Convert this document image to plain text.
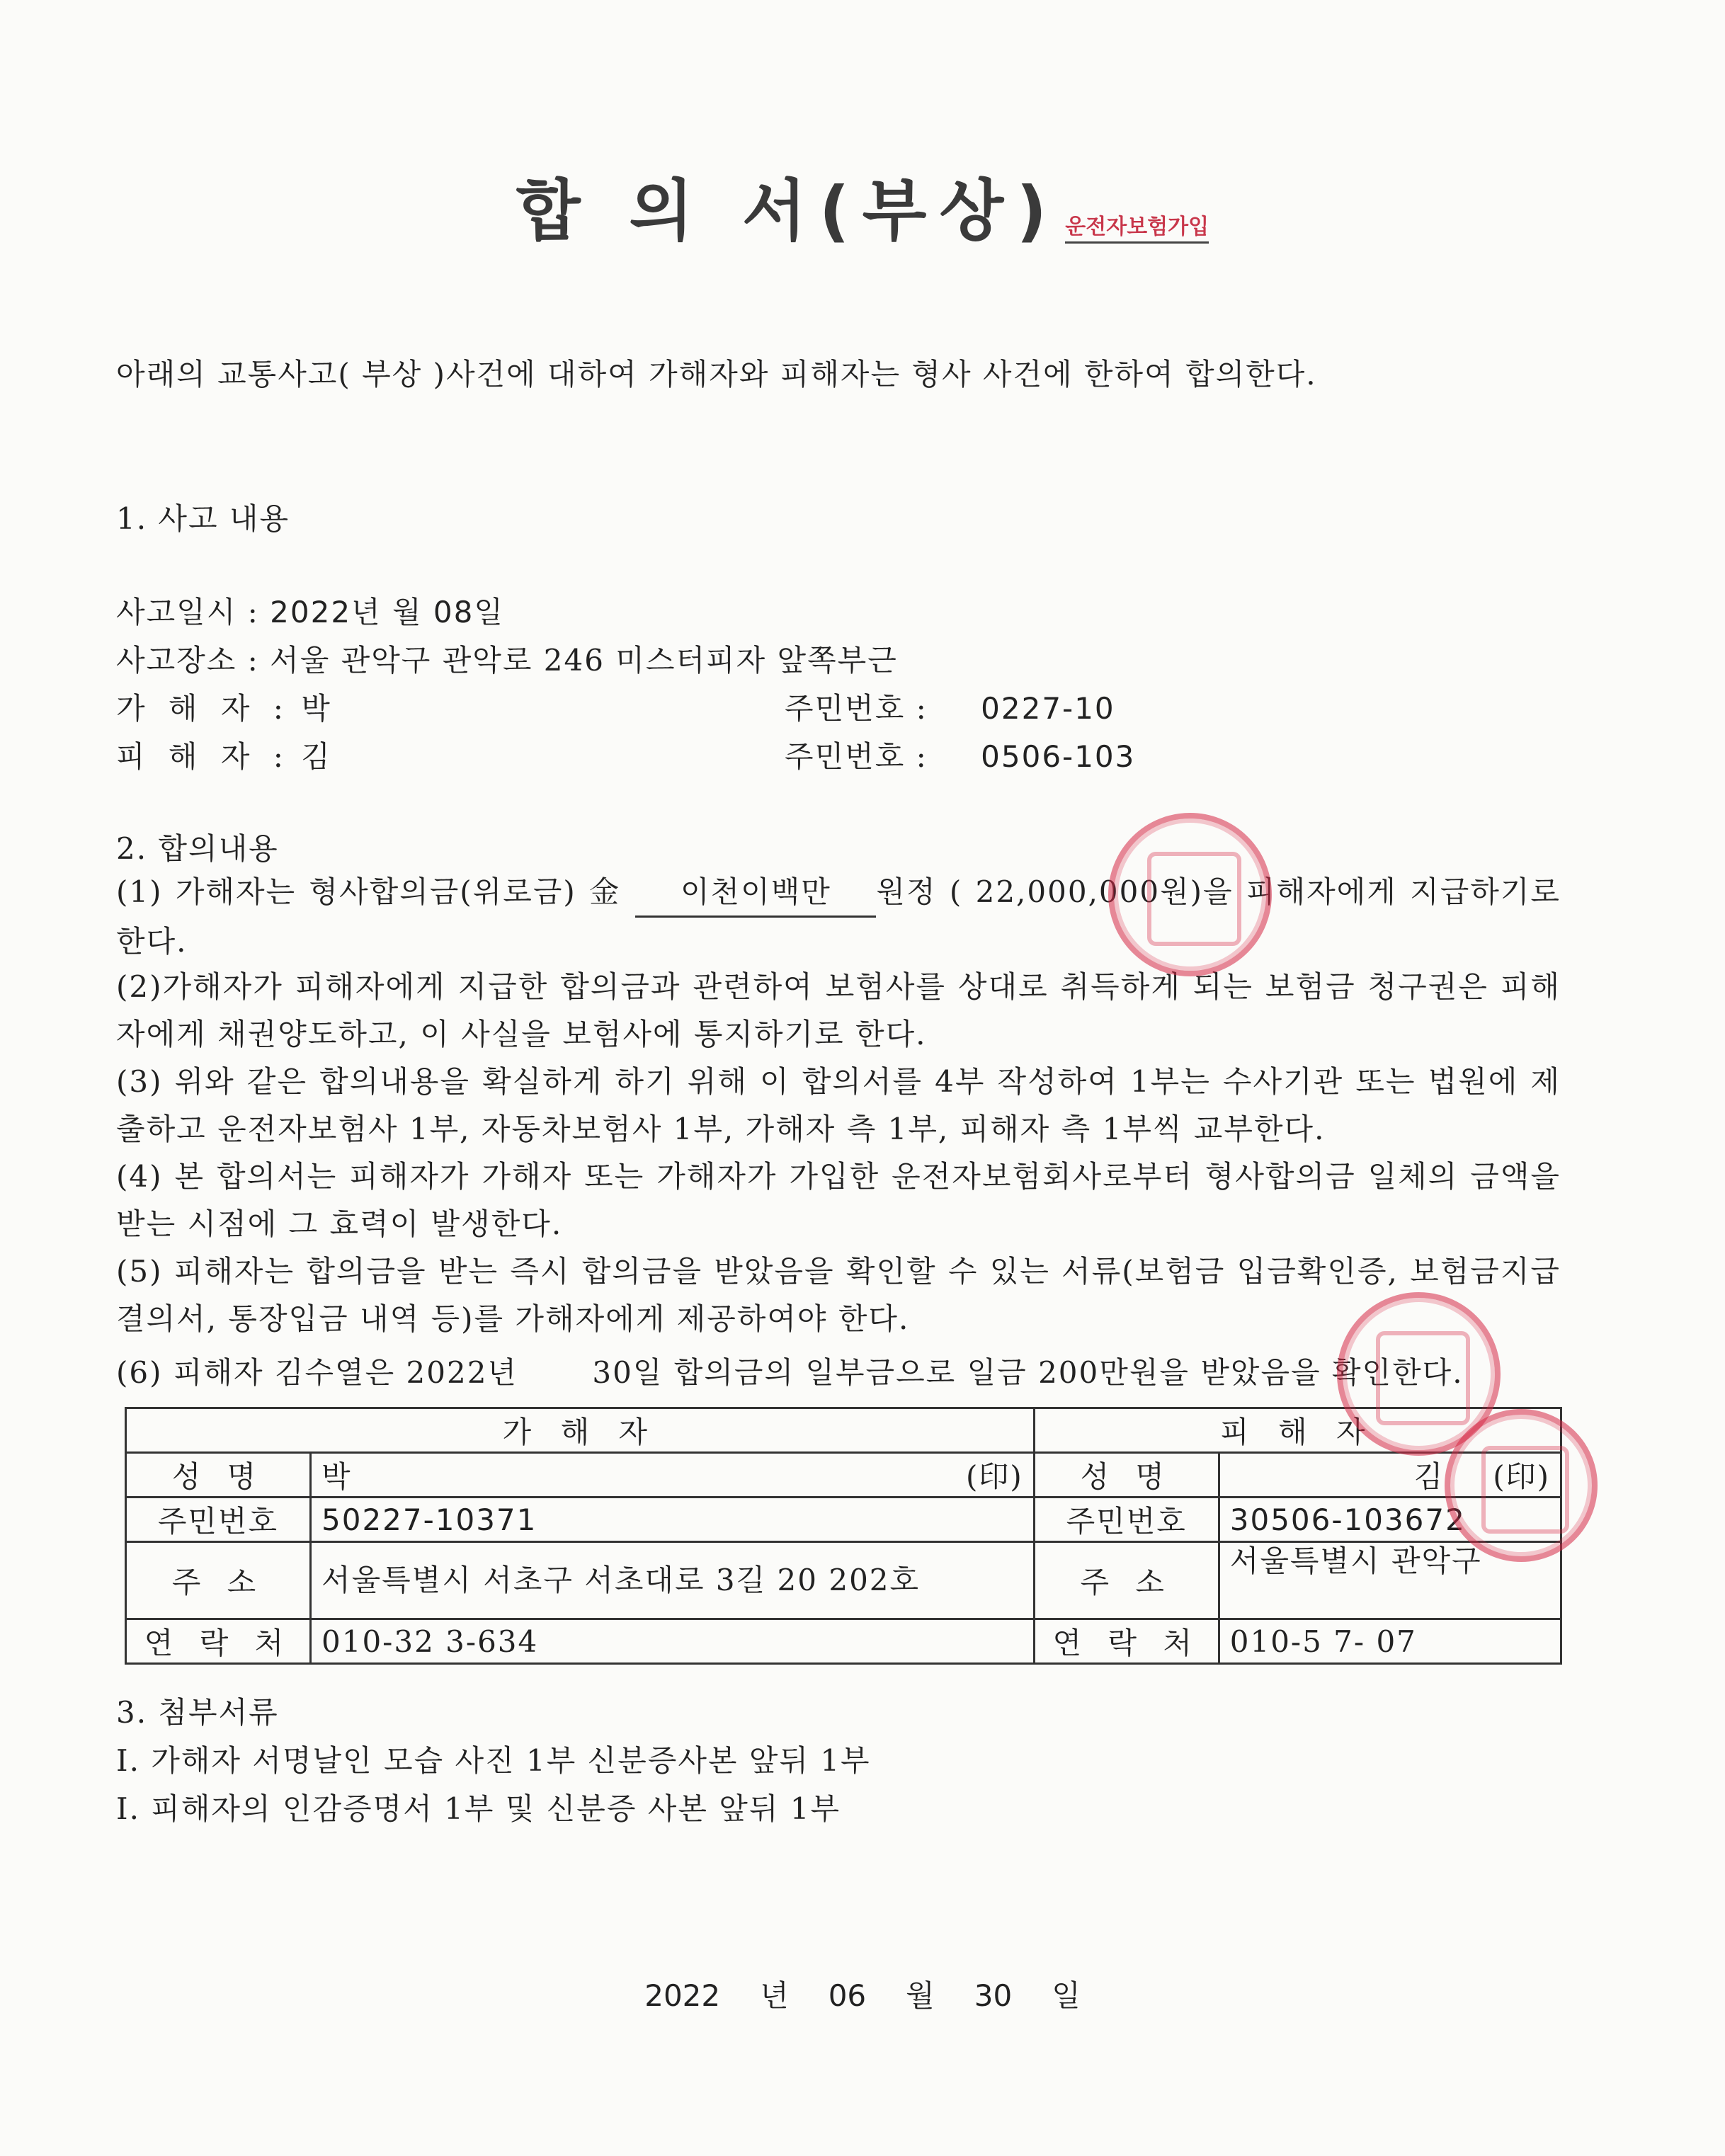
합 의 서(부상) 운전자보험가입
아래의 교통사고( 부상 )사건에 대하여 가해자와 피해자는 형사 사건에 한하여 합의한다.
1. 사고 내용
사고일시 : 2022년 월 08일
사고장소 : 서울 관악구 관악로 246 미스터피자 앞쪽부근
가 해 자 : 박	주민번호 : 0227-10
피 해 자 : 김	주민번호 : 0506-103
2. 합의내용
(1) 가해자는 형사합의금(위로금) 金 이천이백만 원정 ( 22,000,000원)을 피해자에게 지급하기로 한다.
(2)가해자가 피해자에게 지급한 합의금과 관련하여 보험사를 상대로 취득하게 되는 보험금 청구권은 피해자에게 채권양도하고, 이 사실을 보험사에 통지하기로 한다.
(3) 위와 같은 합의내용을 확실하게 하기 위해 이 합의서를 4부 작성하여 1부는 수사기관 또는 법원에 제출하고 운전자보험사 1부, 자동차보험사 1부, 가해자 측 1부, 피해자 측 1부씩 교부한다.
(4) 본 합의서는 피해자가 가해자 또는 가해자가 가입한 운전자보험회사로부터 형사합의금 일체의 금액을 받는 시점에 그 효력이 발생한다.
(5) 피해자는 합의금을 받는 즉시 합의금을 받았음을 확인할 수 있는 서류(보험금 입금확인증, 보험금지급결의서, 통장입금 내역 등)를 가해자에게 제공하여야 한다.
(6) 피해자 김수열은 2022년	30일 합의금의 일부금으로 일금 200만원을 받았음을 확인한다.
가 해 자		피 해 자	
성 명	박 (印)	성 명	김 (印)

주민번호	50227-10371	주민번호	30506-103672
주 소	서울특별시 서초구 서초대로 3길 20 202호	주 소	서울특별시 관악구
연 락 처	010-32 3-634	연 락 처	010-5 7- 07
3. 첨부서류
Ⅰ. 가해자 서명날인 모습 사진 1부 신분증사본 앞뒤 1부
Ⅰ. 피해자의 인감증명서 1부 및 신분증 사본 앞뒤 1부
2022 년 06 월 30 일
